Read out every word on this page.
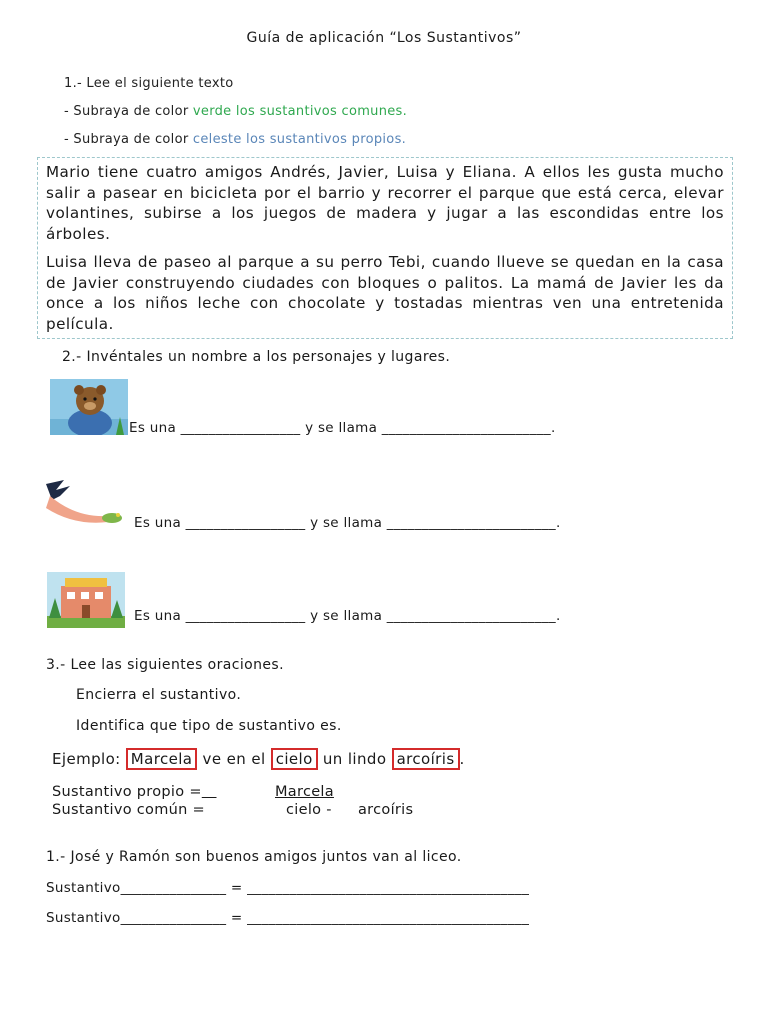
Guía de aplicación “Los Sustantivos”
1.- Lee el siguiente texto
- Subraya de color verde los sustantivos comunes.
- Subraya de color celeste los sustantivos propios.

Mario tiene cuatro amigos Andrés, Javier, Luisa y Eliana. A ellos les gusta mucho salir a pasear en bicicleta por el barrio y recorrer el parque que está cerca, elevar volantines, subirse a los juegos de madera y jugar a las escondidas entre los árboles.

Luisa lleva de paseo al parque a su perro Tebi, cuando llueve se quedan en la casa de Javier construyendo ciudades con bloques o palitos. La mamá de Javier les da once a los niños leche con chocolate y tostadas mientras ven una entretenida película.

2.- Invéntales un nombre a los personajes y lugares.
Es una _________________ y se llama ________________________.
Es una _________________ y se llama ________________________.
Es una _________________ y se llama ________________________.
3.- Lee las siguientes oraciones.
Encierra el sustantivo.
Identifica que tipo de sustantivo es.
Ejemplo: Marcela ve en el cielo un lindo arcoíris .
Sustantivo propio =	Marcela
Sustantivo común =	cielo - arcoíris
1.- José y Ramón son buenos amigos juntos van al liceo.
Sustantivo_______________ = ________________________________________
Sustantivo_______________ = ________________________________________
